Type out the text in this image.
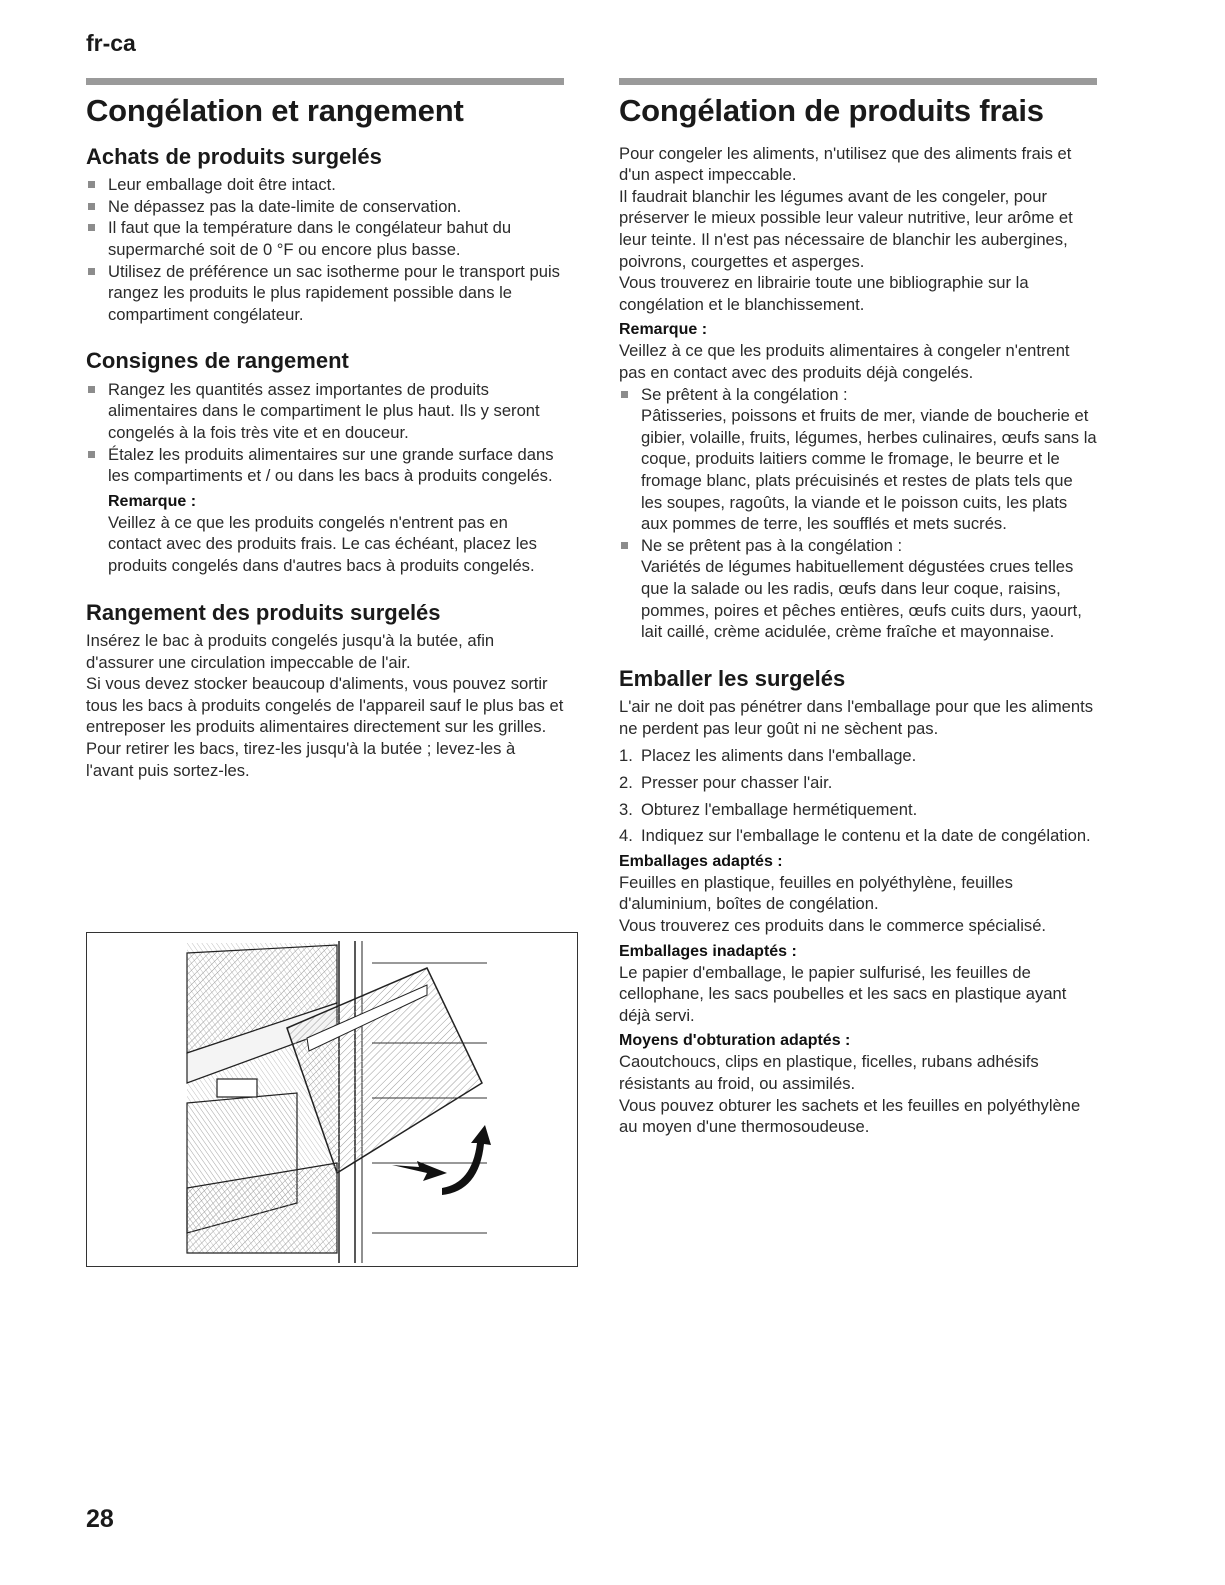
fr-ca
Congélation et rangement
Achats de produits surgelés
Leur emballage doit être intact.
Ne dépassez pas la date-limite de conservation.
Il faut que la température dans le congélateur bahut du supermarché soit de 0 °F ou encore plus basse.
Utilisez de préférence un sac isotherme pour le transport puis rangez les produits le plus rapidement possible dans le compartiment congélateur.
Consignes de rangement
Rangez les quantités assez importantes de produits alimentaires dans le compartiment le plus haut. Ils y seront congelés à la fois très vite et en douceur.
Étalez les produits alimentaires sur une grande surface dans les compartiments et / ou dans les bacs à produits congelés.
Remarque :

Veillez à ce que les produits congelés n'entrent pas en contact avec des produits frais. Le cas échéant, placez les produits congelés dans d'autres bacs à produits congelés.

Rangement des produits surgelés

Insérez le bac à produits congelés jusqu'à la butée, afin d'assurer une circulation impeccable de l'air.

Si vous devez stocker beaucoup d'aliments, vous pouvez sortir tous les bacs à produits congelés de l'appareil sauf le plus bas et entreposer les produits alimentaires directement sur les grilles.

Pour retirer les bacs, tirez-les jusqu'à la butée ; levez-les à l'avant puis sortez-les.

Congélation de produits frais

Pour congeler les aliments, n'utilisez que des aliments frais et d'un aspect impeccable.

Il faudrait blanchir les légumes avant de les congeler, pour préserver le mieux possible leur valeur nutritive, leur arôme et leur teinte. Il n'est pas nécessaire de blanchir les aubergines, poivrons, courgettes et asperges.

Vous trouverez en librairie toute une bibliographie sur la congélation et le blanchissement.

Remarque :

Veillez à ce que les produits alimentaires à congeler n'entrent pas en contact avec des produits déjà congelés.

Se prêtent à la congélation :
Pâtisseries, poissons et fruits de mer, viande de boucherie et gibier, volaille, fruits, légumes, herbes culinaires, œufs sans la coque, produits laitiers comme le fromage, le beurre et le fromage blanc, plats précuisinés et restes de plats tels que les soupes, ragoûts, la viande et le poisson cuits, les plats aux pommes de terre, les soufflés et mets sucrés.
Ne se prêtent pas à la congélation :
Variétés de légumes habituellement dégustées crues telles que la salade ou les radis, œufs dans leur coque, raisins, pommes, poires et pêches entières, œufs cuits durs, yaourt, lait caillé, crème acidulée, crème fraîche et mayonnaise.
Emballer les surgelés

L'air ne doit pas pénétrer dans l'emballage pour que les aliments ne perdent pas leur goût ni ne sèchent pas.

1. Placez les aliments dans l'emballage.
2. Presser pour chasser l'air.
3. Obturez l'emballage hermétiquement.
4. Indiquez sur l'emballage le contenu et la date de congélation.
Emballages adaptés :

Feuilles en plastique, feuilles en polyéthylène, feuilles d'aluminium, boîtes de congélation.

Vous trouverez ces produits dans le commerce spécialisé.

Emballages inadaptés :

Le papier d'emballage, le papier sulfurisé, les feuilles de cellophane, les sacs poubelles et les sacs en plastique ayant déjà servi.

Moyens d'obturation adaptés :

Caoutchoucs, clips en plastique, ficelles, rubans adhésifs résistants au froid, ou assimilés.

Vous pouvez obturer les sachets et les feuilles en polyéthylène au moyen d'une thermosoudeuse.

28
